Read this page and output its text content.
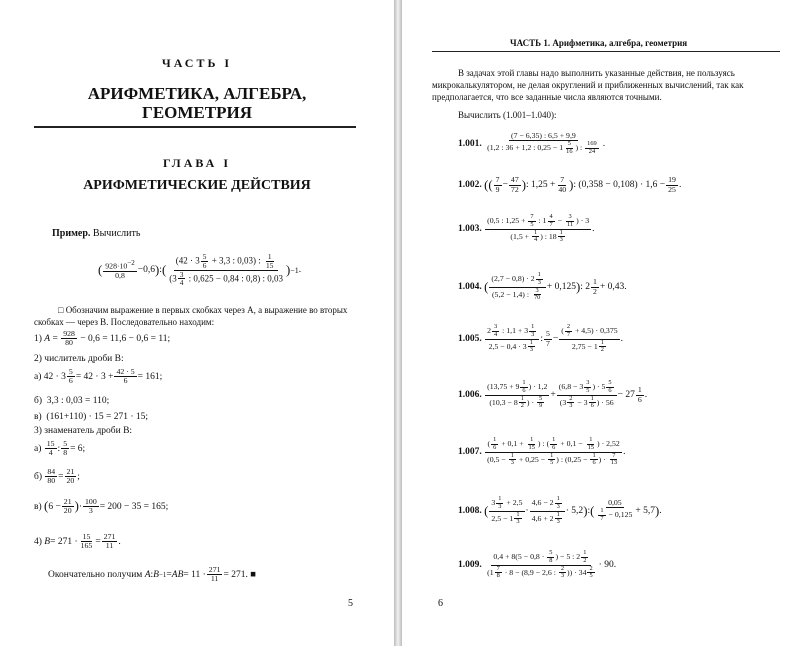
ЧАСТЬ I
АРИФМЕТИКА, АЛГЕБРА,
ГЕОМЕТРИЯ
ГЛАВА I
АРИФМЕТИЧЕСКИЕ ДЕЙСТВИЯ
Пример. Вычислить
( $\frac{928\cdot 10^{-2}}{0,8} -0,6$ ) : ( $\frac{(42 \cdot 3 \frac{5}{6} + 3,3 : 0,03) : \frac{1}{15}}{(3 \frac{3}{4} : 0,625 - 0,84 : 0,8) : 0,03}$ ) −1 .
□ Обозначим выражение в первых скобках через A, а выражение во вторых
скобках — через B. Последовательно находим:
1)
$A = \frac{928}{80} - 0,6 = 11,6 - 0,6 = 11$;
2) числитель дроби B:
а) $42 \cdot 3 \frac{5}{6} = 42 \cdot 3 + \frac{42 \cdot 5}{6} = 161$;
б)  3,3 : 0,03 = 110;
в)  (161+110) · 15 = 271 · 15;
3) знаменатель дроби B:
$а) \frac{15}{4}$ : $\frac{5}{8} = 6$;
$б) \frac{84}{80} = \frac{21}{20}$ ;
в) ( $6 - \frac{21}{20}$ ) · $\frac{100}{3} = 200 - 35 = 165$;
4)
$B = 271 \cdot \frac{15}{165} = \frac{271}{11}$ .
Окончательно получим
A : B −1 = AB = $11 \cdot \frac{271}{11} = 271$. ■
5
ЧАСТЬ 1. Арифметика, алгебра, геометрия
В задачах этой главы надо выполнить указанные действия, не пользуясь
микрокалькулятором, не делая округлений и приближенных вычислений, так как
предполагается, что все заданные числа являются точными.
Вычислить (1.001–1.040):
1.001.
$\frac{(7 - 6,35) : 6,5 + 9,9}{(1,2 : 36 + 1,2 : 0,25 - 1 \frac{5}{16} ) : \frac{169}{24}}$ .
1.002.
(( $\frac{7}{9} - \frac{47}{72}$ ) : $1,25 + \frac{7}{40}$ ) : $(0,358 - 0,108) \cdot 1,6 - \frac{19}{25}$ .
1.003.
$\frac{(0,5 : 1,25 + \frac{7}{5} : 1 \frac{4}{7} - \frac{3}{11} ) \cdot 3}{(1,5 + \frac{1}{4} ) : 18 \frac{1}{3}}$ .
1.004.
( $\frac{(2,7 - 0,8) \cdot 2 \frac{1}{3}}{(5,2 - 1,4) : \frac{3}{70}} + 0,125$ ) : $2 \frac{1}{2} + 0,43$.
1.005.
$\frac{2 \frac{3}{4} : 1,1 + 3 \frac{1}{3}}{2,5 - 0,4 \cdot 3 \frac{1}{3}}$ : $\frac{5}{7} - \frac{( \frac{2}{7} + 4,5) \cdot 0,375}{2,75 - 1 \frac{1}{2}}$ .
1.006.
$\frac{(13,75 + 9 \frac{1}{6} ) \cdot 1,2}{(10,3 - 8 \frac{1}{2} ) \cdot \frac{5}{9}} + \frac{(6,8 - 3 \frac{3}{5} ) \cdot 5 \frac{5}{6}}{(3 \frac{2}{3} - 3 \frac{1}{6} ) \cdot 56} - 27 \frac{1}{6}$ .
1.007.
$\frac{( \frac{1}{6} + 0,1 + \frac{1}{15} ) : ( \frac{1}{6} + 0,1 - \frac{1}{15} ) \cdot 2,52}{(0,5 - \frac{1}{3} + 0,25 - \frac{1}{5} ) : (0,25 - \frac{1}{6} ) \cdot \frac{7}{13}}$ .
1.008.
( $\frac{3 \frac{1}{3} + 2,5}{2,5 - 1 \frac{1}{3}} \cdot \frac{4,6 - 2 \frac{1}{3}}{4,6 + 2 \frac{1}{3}} \cdot 5,2$ ) : ( $\frac{0,05}{\frac{1}{7} - 0,125} + 5,7$ ) .
1.009.
$\frac{0,4 + 8(5 - 0,8 \cdot \frac{5}{8} ) - 5 : 2 \frac{1}{2}}{(1 \frac{7}{8} \cdot 8 - (8,9 - 2,6 : \frac{2}{3} )) \cdot 34 \frac{2}{5}} \cdot 90$.
6
